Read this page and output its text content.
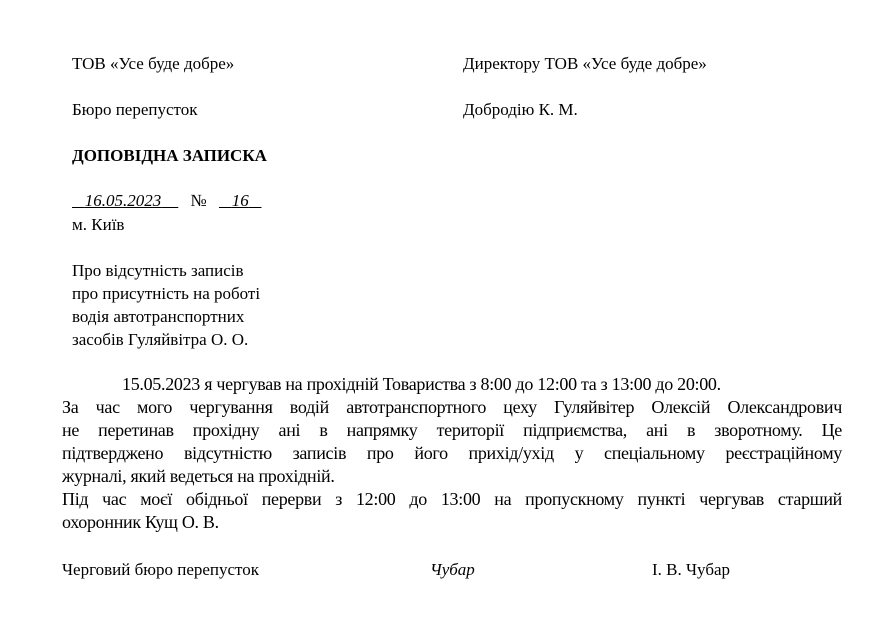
ТОВ «Усе буде добре»	Директору ТОВ «Усе буде добре»
Бюро перепусток	Добродію К. М.
ДОПОВІДНА ЗАПИСКА
16.05.2023 № 16
м. Київ
Про відсутність записів
про присутність на роботі
водія автотранспортних
засобів Гуляйвітра О. О.
15.05.2023 я чергував на прохідній Товариства з 8:00 до 12:00 та з 13:00 до 20:00.
За час мого чергування водій автотранспортного цеху Гуляйвітер Олексій Олександрович
не перетинав прохідну ані в напрямку території підприємства, ані в зворотному. Це
підтверджено відсутністю записів про його прихід/ухід у спеціальному реєстраційному
журналі, який ведеться на прохідній.
Під час моєї обідньої перерви з 12:00 до 13:00 на пропускному пункті чергував старший
охоронник Кущ О. В.
Черговий бюро перепусток	Чубар	І. В. Чубар
